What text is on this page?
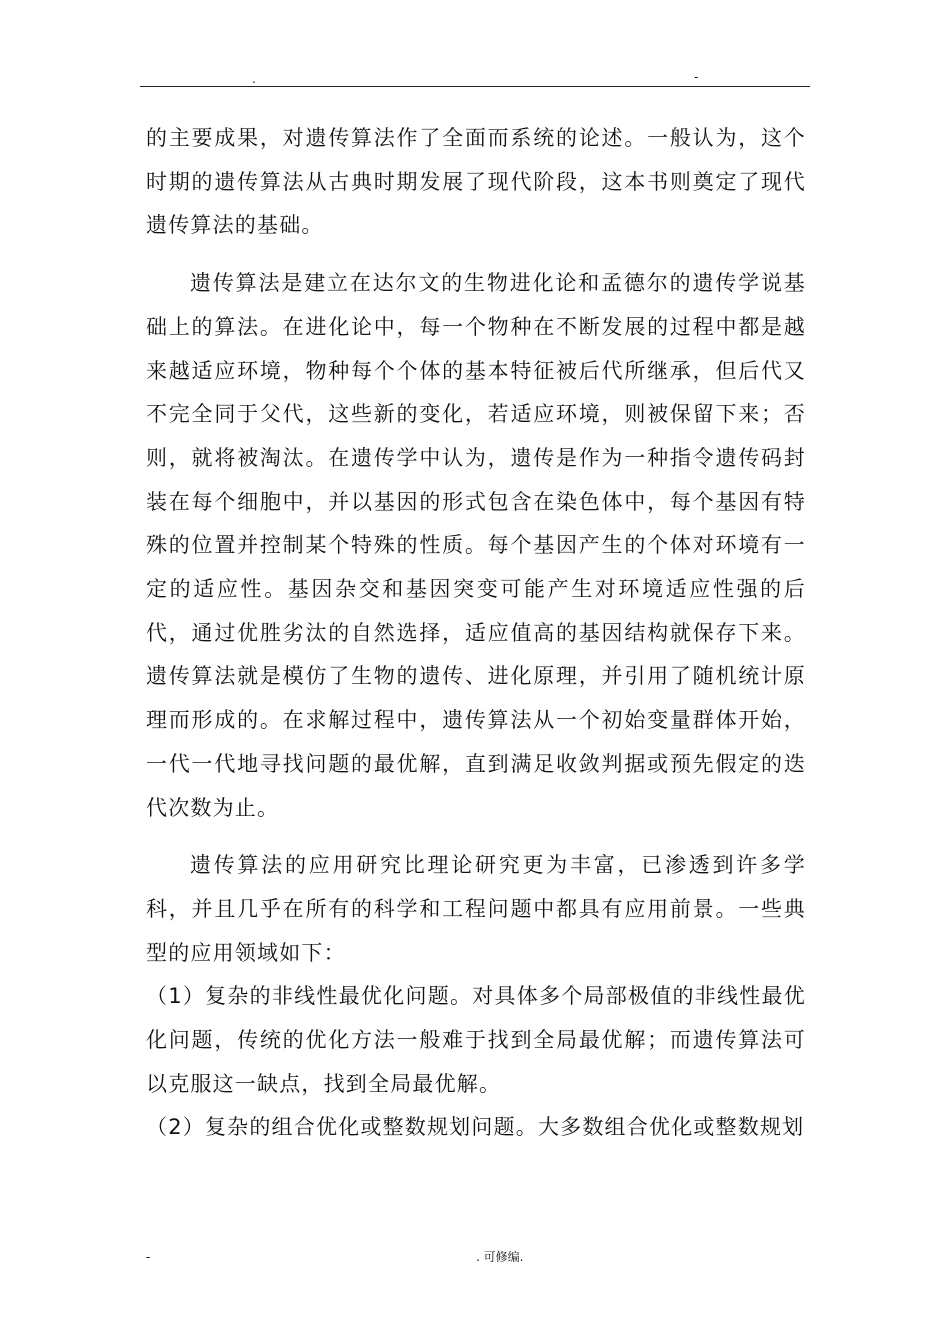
.	-

的主要成果，对遗传算法作了全面而系统的论述。一般认为，这个时期的遗传算法从古典时期发展了现代阶段，这本书则奠定了现代遗传算法的基础。

遗传算法是建立在达尔文的生物进化论和孟德尔的遗传学说基础上的算法。在进化论中，每一个物种在不断发展的过程中都是越来越适应环境，物种每个个体的基本特征被后代所继承，但后代又不完全同于父代，这些新的变化，若适应环境，则被保留下来；否则，就将被淘汰。在遗传学中认为，遗传是作为一种指令遗传码封装在每个细胞中，并以基因的形式包含在染色体中，每个基因有特殊的位置并控制某个特殊的性质。每个基因产生的个体对环境有一定的适应性。基因杂交和基因突变可能产生对环境适应性强的后代，通过优胜劣汰的自然选择，适应值高的基因结构就保存下来。遗传算法就是模仿了生物的遗传、进化原理，并引用了随机统计原理而形成的。在求解过程中，遗传算法从一个初始变量群体开始，一代一代地寻找问题的最优解，直到满足收敛判据或预先假定的迭代次数为止。

遗传算法的应用研究比理论研究更为丰富，已渗透到许多学科，并且几乎在所有的科学和工程问题中都具有应用前景。一些典型的应用领域如下：

（1）复杂的非线性最优化问题。对具体多个局部极值的非线性最优化问题，传统的优化方法一般难于找到全局最优解；而遗传算法可以克服这一缺点，找到全局最优解。

（2）复杂的组合优化或整数规划问题。大多数组合优化或整数规划

-	. 可修编.
